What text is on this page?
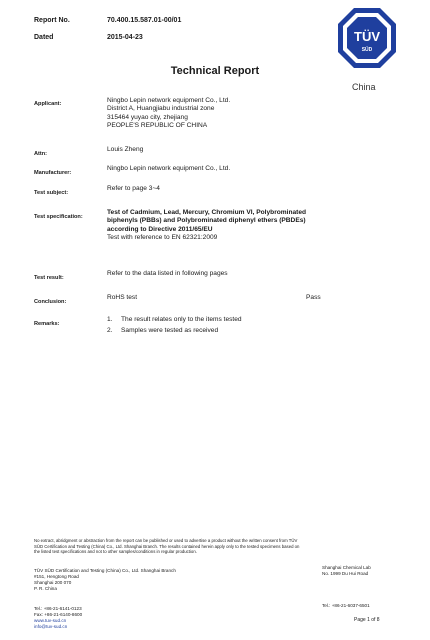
Report No.	70.400.15.587.01-00/01
Dated	2015-04-23	TÜV
SÜD
China
Technical Report
Applicant:	Ningbo Lepin network equipment Co., Ltd.
District A, Huangjiabu industrial zone
315464 yuyao city, zhejiang
PEOPLE'S REPUBLIC OF CHINA
Attn:
Louis Zheng
Manufacturer:
Ningbo Lepin network equipment Co., Ltd.
Test subject:
Refer to page 3~4
Test specification:
Test of Cadmium, Lead, Mercury, Chromium VI, Polybrominated
biphenyls (PBBs) and Polybrominated diphenyl ethers (PBDEs)
according to Directive 2011/65/EU
Test with reference to EN 62321:2009
Test result:
Refer to the data listed in following pages
Conclusion:
RoHS test	Pass
Remarks:
1. The result relates only to the items tested
2. Samples were tested as received
No extract, abridgment or abstraction from the report can be published or used to advertise a product without the written consent from TÜV
SÜD Certification and Testing (China) Co., Ltd. Shanghai Branch. The results contained herein apply only to the tested specimens based on
the listed test specifications and not to other samples/conditions in regular production.
TÜV SÜD Certification and Testing (China) Co., Ltd. Shanghai Branch
#151, Hengtong Road
Shanghai 200 070
P. R. China
Shanghai Chemical Lab
No. 1999 Du Hui Road
Tel.: +86-21-6141-0123
Fax: +86-21-6140-8600
www.tuv-sud.cn
info@tuv-sud.cn
Tel.: +86-21-6037-6501
Page 1 of 8
